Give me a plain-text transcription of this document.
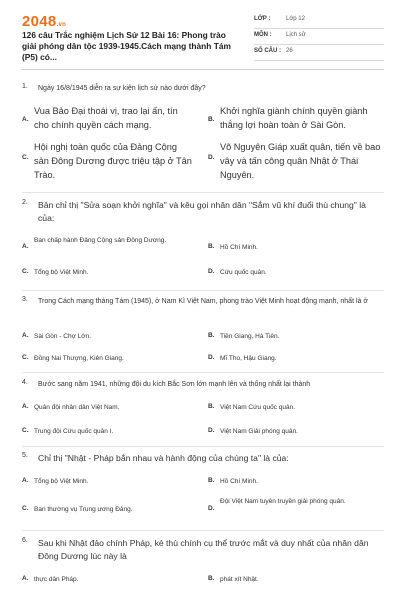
2048.vn
126 câu Trắc nghiệm Lịch Sử 12 Bài 16: Phong trào giải phóng dân tộc 1939-1945.Cách mạng thành Tám (P5) có...
LỚP :	Lớp 12
MÔN : Lịch sử
SỐ CÂU : 26
1. Ngày 16/8/1945 diễn ra sự kiện lịch sử nào dưới đây?
A.
Vua Bảo Đại thoái vị, trao lại ấn, tín cho chính quyền cách mạng.
B.
Khởi nghĩa giành chính quyền giành thắng lợi hoàn toàn ở Sài Gòn.
C.
Hội nghị toàn quốc của Đảng Cộng sản Đông Dương được triệu tập ở Tân Trào.
D.
Võ Nguyên Giáp xuất quân, tiến về bao vây và tấn công quân Nhật ở Thái Nguyên.
2. Bản chỉ thị "Sửa soạn khởi nghĩa" và kêu gọi nhân dân "Sắm vũ khí đuổi thù chung" là của:
A.
Ban chấp hành Đảng Cộng sản Đông Dương.
B. Hồ Chí Minh.
C. Tổng bộ Việt Minh.	D. Cứu quốc quân.
3. Trong Cách mạng tháng Tám (1945), ở Nam Kì Việt Nam, phong trào Việt Minh hoạt động mạnh, nhất là ở
A. Sài Gòn - Chợ Lớn.	B. Tiền Giang, Hà Tiên.
C. Đồng Nai Thượng, Kiên Giang.	D. Mĩ Tho, Hậu Giang.
4. Bước sang năm 1941, những đội du kích Bắc Sơn lớn mạnh lên và thống nhất lại thành
A. Quân đội nhân dân Việt Nam.	B. Việt Nam Cứu quốc quân.
C. Trung đội Cứu quốc quân I.	D. Việt Nam Giải phóng quân.
5. Chỉ thị "Nhật - Pháp bắn nhau và hành động của chúng ta" là của:
A. Tổng bộ Việt Minh.	B. Hồ Chí Minh.
C. Ban thường vụ Trung ương Đảng.	D.
Đội Việt Nam tuyên truyền giải phóng quân.
6. Sau khi Nhật đảo chính Pháp, kẻ thù chính cụ thể trước mắt và duy nhất của nhân dân Đông Dương lúc này là
A. thực dân Pháp.	B. phát xít Nhật.
